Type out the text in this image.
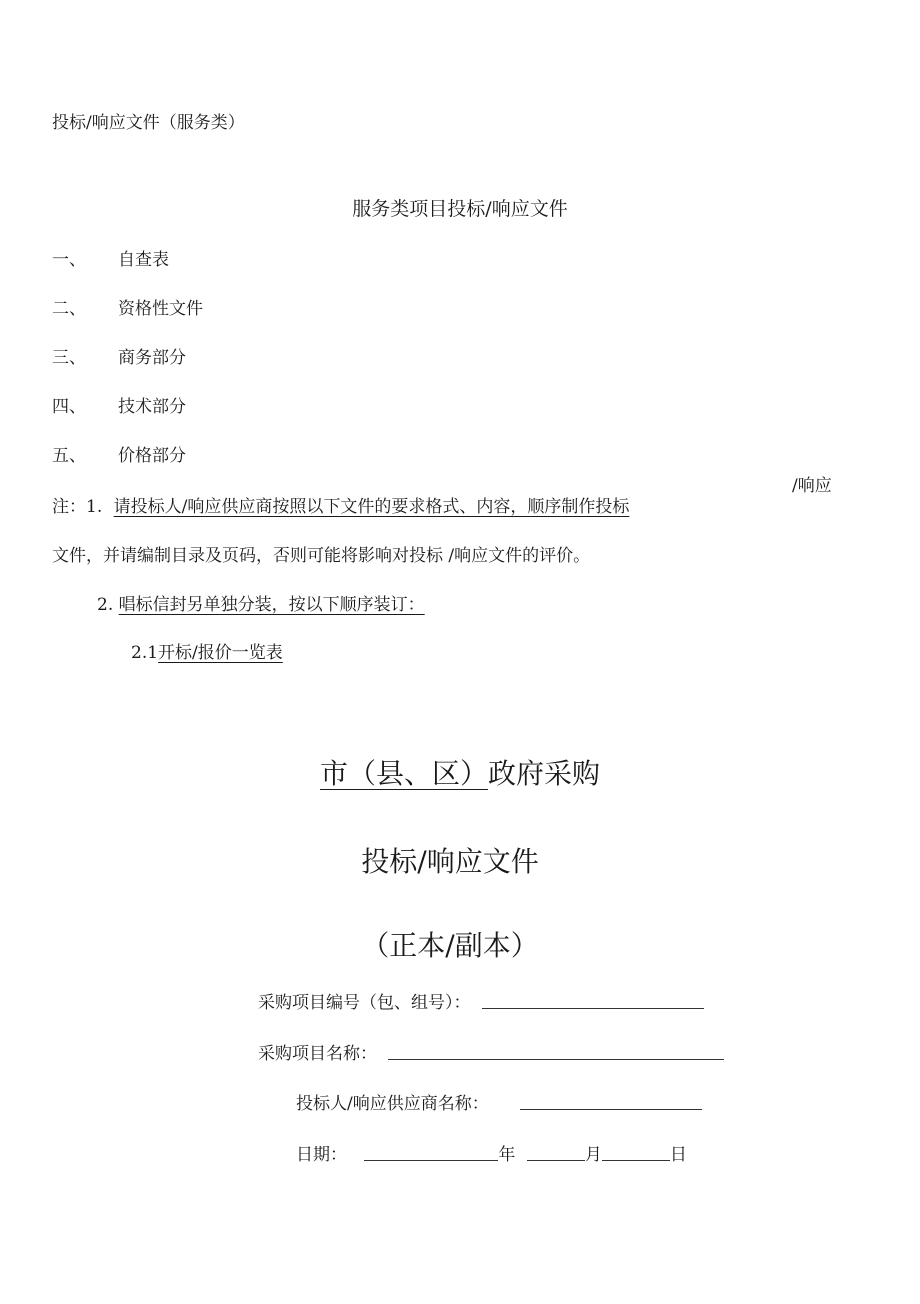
投标/响应文件（服务类）
服务类项目投标/响应文件
一、 自查表
二、 资格性文件
三、 商务部分
四、 技术部分
五、 价格部分
/响应
注：1. 请投标人/响应供应商按照以下文件的要求格式、内容，顺序制作投标
文件，并请编制目录及页码，否则可能将影响对投标 /响应文件的评价。
2. 唱标信封另单独分装，按以下顺序装订：
2.1开标/报价一览表
市（县、区）政府采购
投标/响应文件
（正本/副本）
采购项目编号（包、组号）：
采购项目名称：
投标人/响应供应商名称：
日期：	年	月	日
